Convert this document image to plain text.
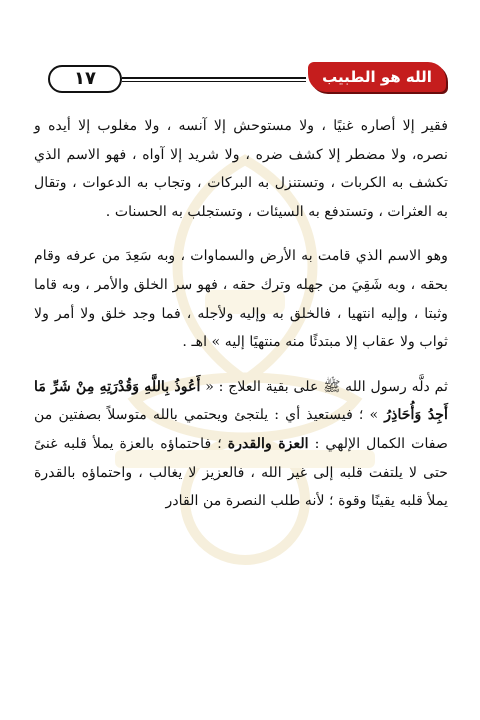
١٧	الله هو الطبيب

فقير إلا أصاره غنيًا ، ولا مستوحش إلا آنسه ، ولا مغلوب إلا أيده و نصره، ولا مضطر إلا كشف ضره ، ولا شريد إلا آواه ، فهو الاسم الذي تكشف به الكربات ، وتستنزل به البركات ، وتجاب به الدعوات ، وتقال به العثرات ، وتستدفع به السيئات ، وتستجلب به الحسنات .

وهو الاسم الذي قامت به الأرض والسماوات ، وبه سَعِدَ من عرفه وقام بحقه ، وبه شَقِيَ من جهله وترك حقه ، فهو سر الخلق والأمر ، وبه قاما وثبتا ، وإليه انتهيا ، فالخلق به وإليه ولأجله ، فما وجد خلق ولا أمر ولا ثواب ولا عقاب إلا مبتدئًا منه منتهيًا إليه » اهـ .

ثم دلَّه رسول الله ﷺ على بقية العلاج : « أَعُوذُ بِاللَّهِ وَقُدْرَتِهِ مِنْ شَرِّ مَا أَجِدُ وَأُحَاذِرُ » ؛ فيستعيذ أي : يلتجئ ويحتمي بالله متوسلاً بصفتين من صفات الكمال الإلهي : العزة والقدرة ؛ فاحتماؤه بالعزة يملأ قلبه غنىً حتى لا يلتفت قلبه إلى غير الله ، فالعزيز لا يغالب ، واحتماؤه بالقدرة يملأ قلبه يقينًا وقوة ؛ لأنه طلب النصرة من القادر
